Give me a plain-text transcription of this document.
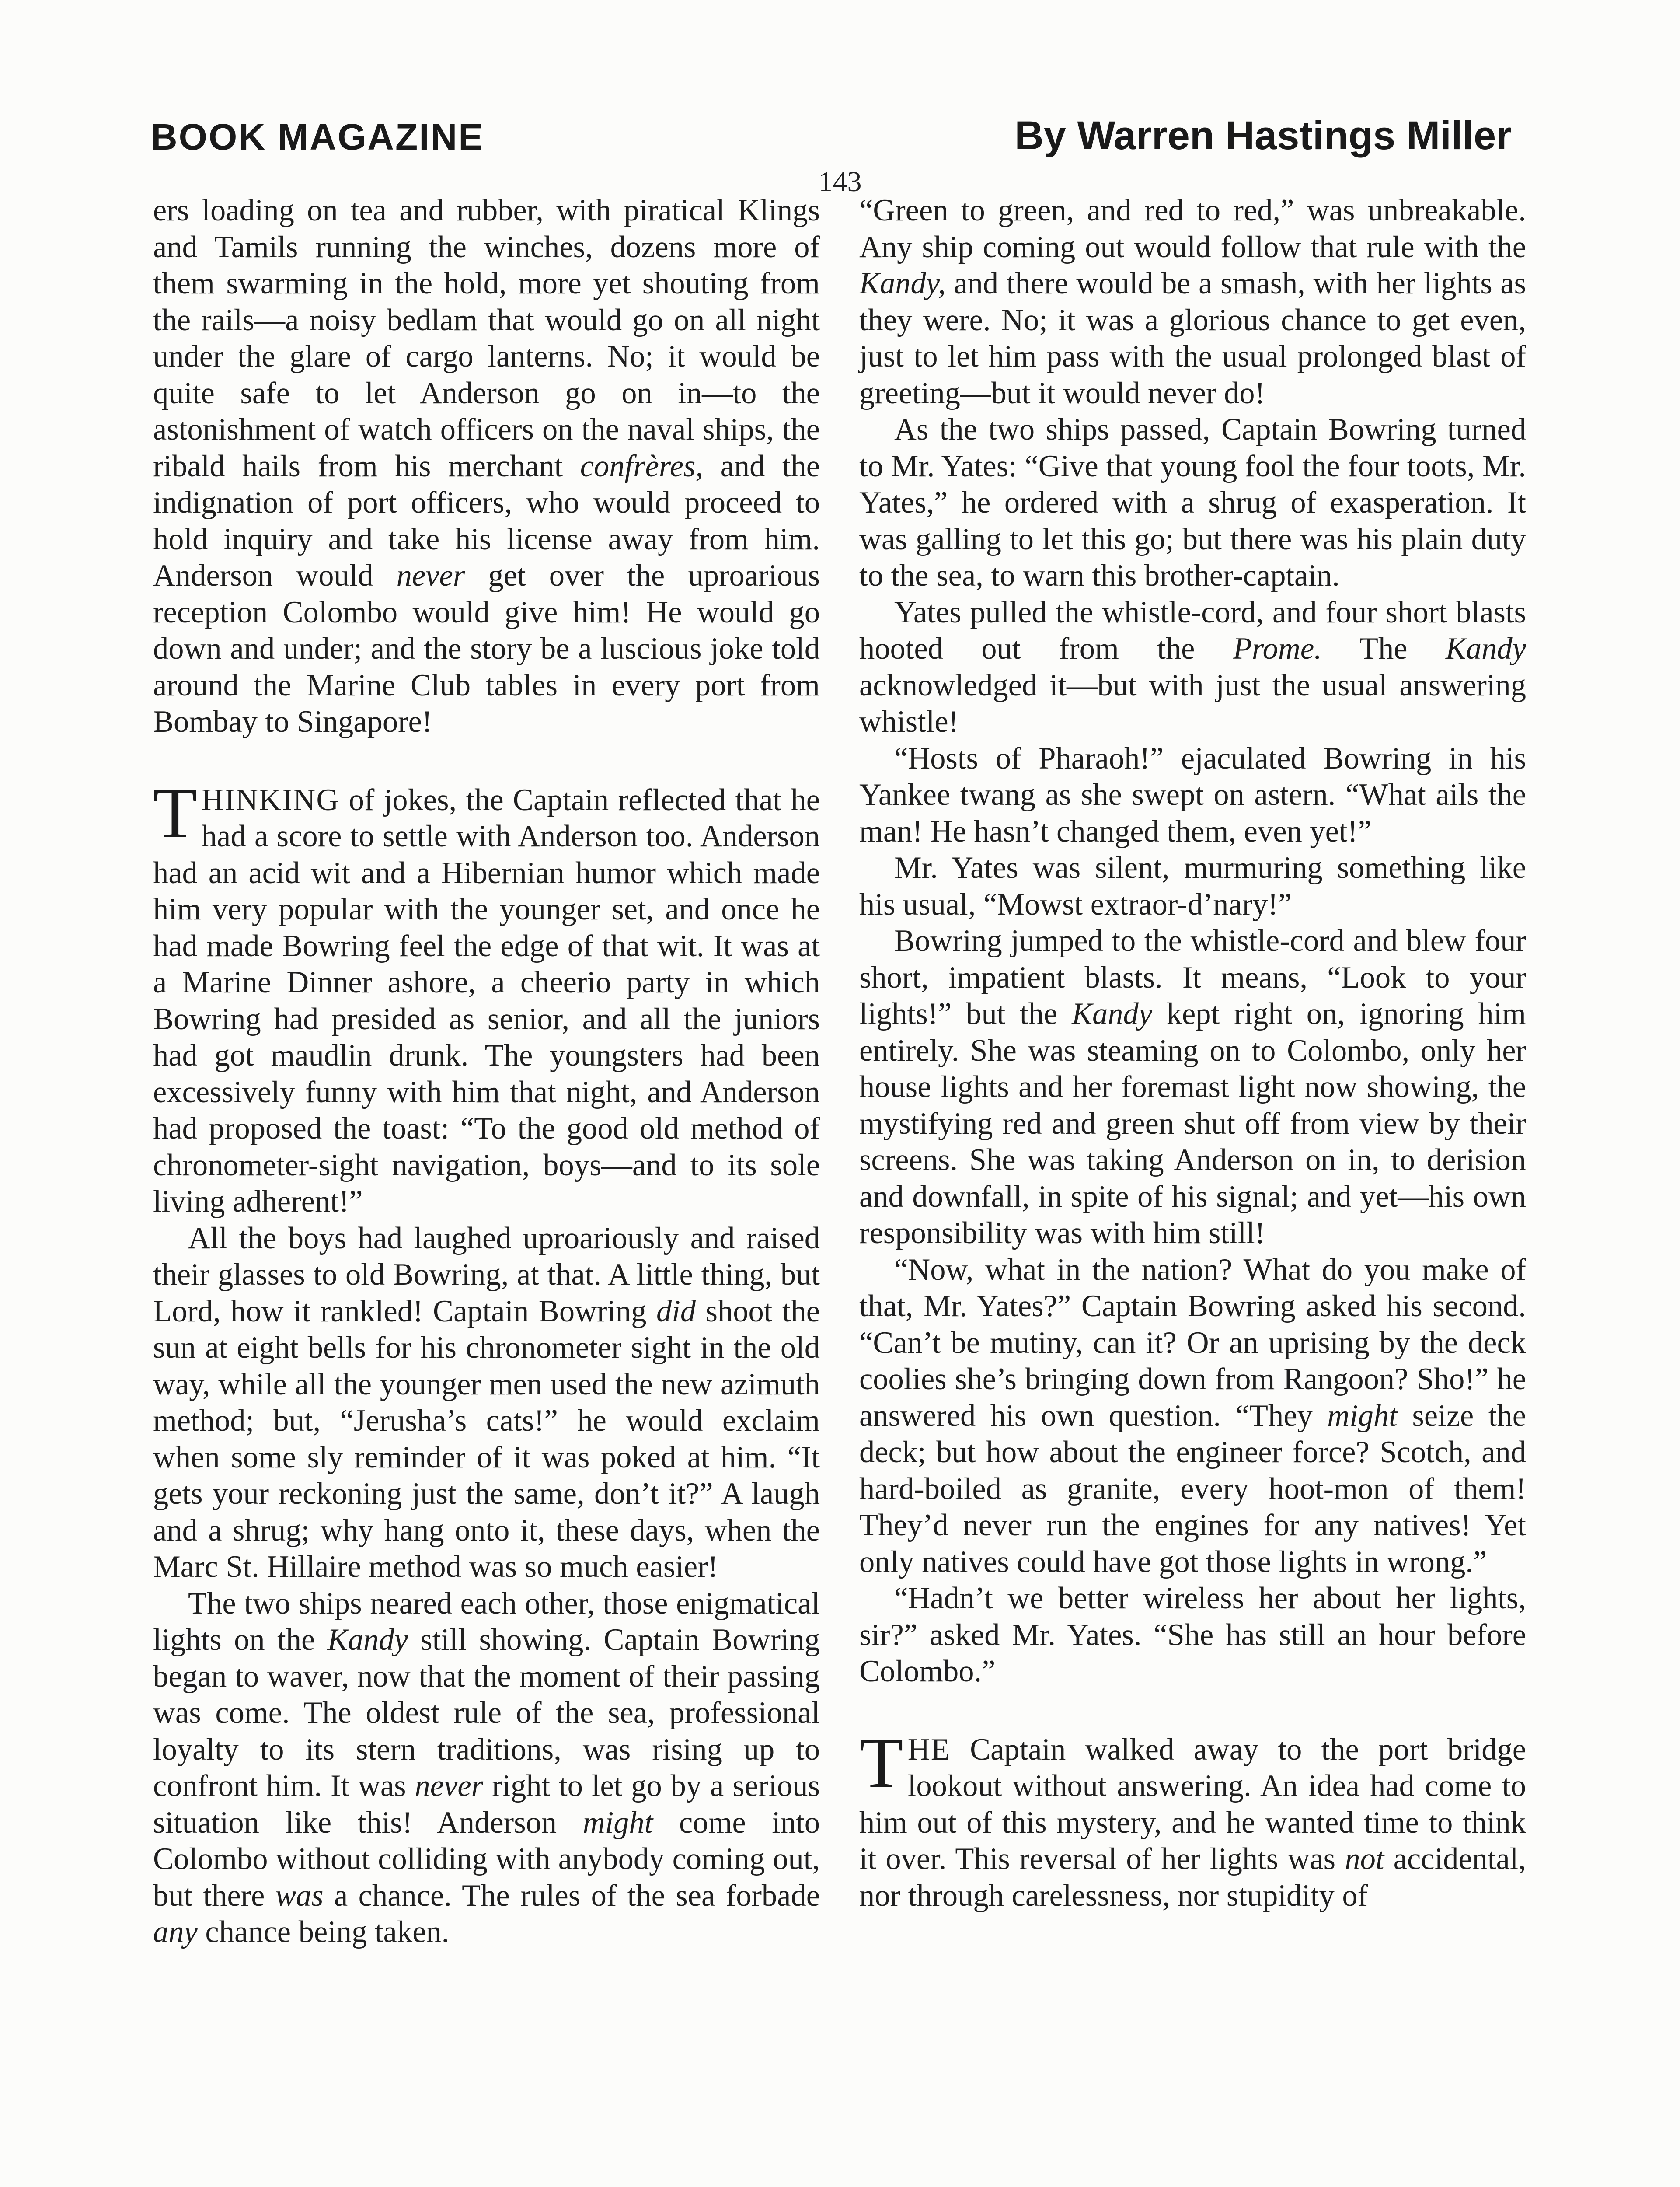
BOOK MAGAZINE	By Warren Hastings Miller
143

ers loading on tea and rubber, with piratical Klings and Tamils running the winches, dozens more of them swarming in the hold, more yet shouting from the rails—a noisy bedlam that would go on all night under the glare of cargo lanterns. No; it would be quite safe to let Anderson go on in—to the astonishment of watch officers on the naval ships, the ribald hails from his merchant confrères, and the indignation of port officers, who would proceed to hold inquiry and take his license away from him. Anderson would never get over the uproarious reception Colombo would give him! He would go down and under; and the story be a luscious joke told around the Marine Club tables in every port from Bombay to Singapore!

THINKING of jokes, the Captain reflected that he had a score to settle with Anderson too. Anderson had an acid wit and a Hibernian humor which made him very popular with the younger set, and once he had made Bowring feel the edge of that wit. It was at a Marine Dinner ashore, a cheerio party in which Bowring had presided as senior, and all the juniors had got maudlin drunk. The youngsters had been excessively funny with him that night, and Anderson had proposed the toast: “To the good old method of chronometer-sight navigation, boys—and to its sole living adherent!”

All the boys had laughed uproariously and raised their glasses to old Bowring, at that. A little thing, but Lord, how it rankled! Captain Bowring did shoot the sun at eight bells for his chronometer sight in the old way, while all the younger men used the new azimuth method; but, “Jerusha’s cats!” he would exclaim when some sly reminder of it was poked at him. “It gets your reckoning just the same, don’t it?” A laugh and a shrug; why hang onto it, these days, when the Marc St. Hillaire method was so much easier!

The two ships neared each other, those enigmatical lights on the Kandy still showing. Captain Bowring began to waver, now that the moment of their passing was come. The oldest rule of the sea, professional loyalty to its stern traditions, was rising up to confront him. It was never right to let go by a serious situation like this! Anderson might come into Colombo without colliding with anybody coming out, but there was a chance. The rules of the sea forbade any chance being taken.

“Green to green, and red to red,” was unbreakable. Any ship coming out would follow that rule with the Kandy, and there would be a smash, with her lights as they were. No; it was a glorious chance to get even, just to let him pass with the usual prolonged blast of greeting—but it would never do!

As the two ships passed, Captain Bowring turned to Mr. Yates: “Give that young fool the four toots, Mr. Yates,” he ordered with a shrug of exasperation. It was galling to let this go; but there was his plain duty to the sea, to warn this brother-captain.

Yates pulled the whistle-cord, and four short blasts hooted out from the Prome. The Kandy acknowledged it—but with just the usual answering whistle!

“Hosts of Pharaoh!” ejaculated Bowring in his Yankee twang as she swept on astern. “What ails the man! He hasn’t changed them, even yet!”

Mr. Yates was silent, murmuring something like his usual, “Mowst extraor-d’nary!”

Bowring jumped to the whistle-cord and blew four short, impatient blasts. It means, “Look to your lights!” but the Kandy kept right on, ignoring him entirely. She was steaming on to Colombo, only her house lights and her foremast light now showing, the mystifying red and green shut off from view by their screens. She was taking Anderson on in, to derision and downfall, in spite of his signal; and yet—his own responsibility was with him still!

“Now, what in the nation? What do you make of that, Mr. Yates?” Captain Bowring asked his second. “Can’t be mutiny, can it? Or an uprising by the deck coolies she’s bringing down from Rangoon? Sho!” he answered his own question. “They might seize the deck; but how about the engineer force? Scotch, and hard-boiled as granite, every hoot-mon of them! They’d never run the engines for any natives! Yet only natives could have got those lights in wrong.”

“Hadn’t we better wireless her about her lights, sir?” asked Mr. Yates. “She has still an hour before Colombo.”

THE Captain walked away to the port bridge lookout without answering. An idea had come to him out of this mystery, and he wanted time to think it over. This reversal of her lights was not accidental, nor through carelessness, nor stupidity of
